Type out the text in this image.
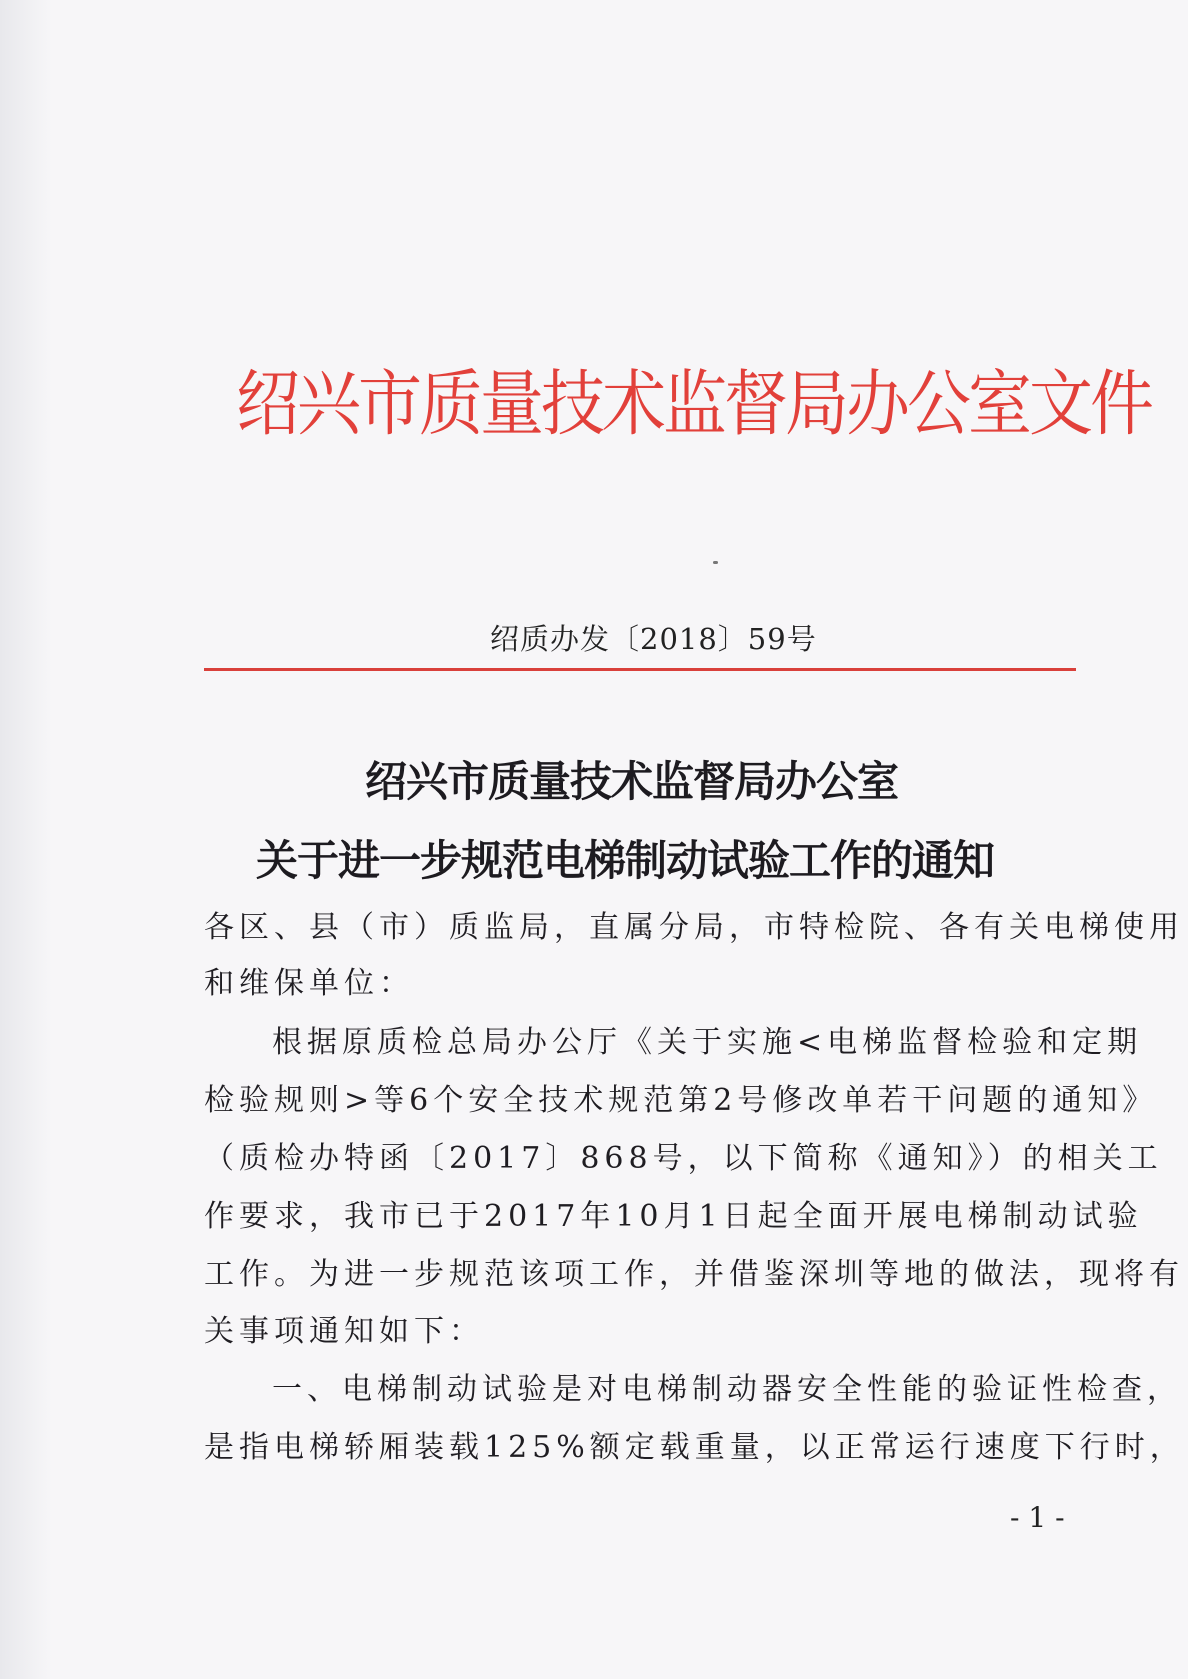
绍兴市质量技术监督局办公室文件
绍质办发〔2018〕59号
绍兴市质量技术监督局办公室
关于进一步规范电梯制动试验工作的通知
各区、县（市）质监局，直属分局，市特检院、各有关电梯使用
和维保单位：
根据原质检总局办公厅《关于实施<电梯监督检验和定期
检验规则>等6个安全技术规范第2号修改单若干问题的通知》
（质检办特函〔2017〕868号，以下简称《通知》）的相关工
作要求，我市已于2017年10月1日起全面开展电梯制动试验
工作。为进一步规范该项工作，并借鉴深圳等地的做法，现将有
关事项通知如下：
一、电梯制动试验是对电梯制动器安全性能的验证性检查，
是指电梯轿厢装载125%额定载重量，以正常运行速度下行时，
- 1 -
